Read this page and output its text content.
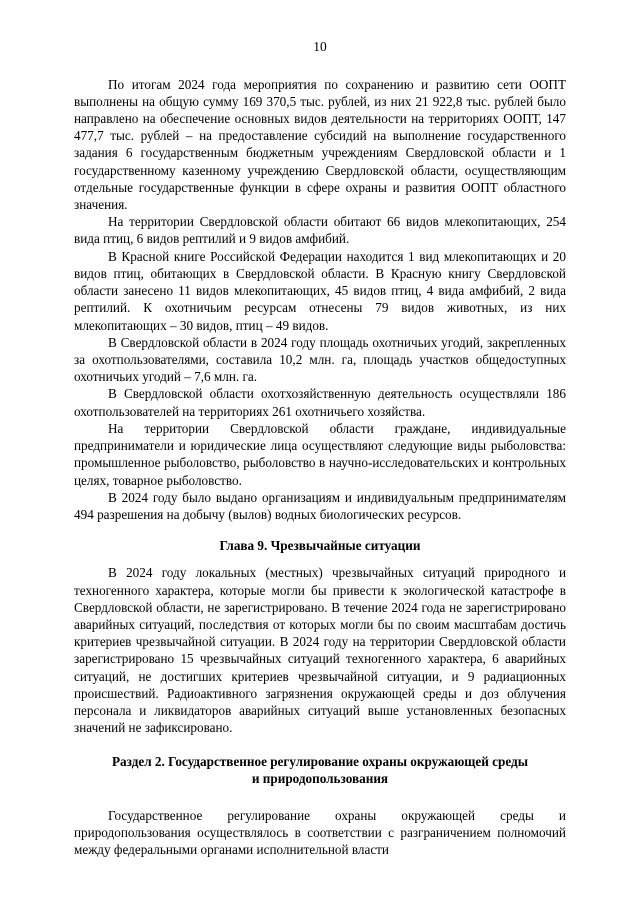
10

По итогам 2024 года мероприятия по сохранению и развитию сети ООПТ выполнены на общую сумму 169 370,5 тыс. рублей, из них 21 922,8 тыс. рублей было направлено на обеспечение основных видов деятельности на территориях ООПТ, 147 477,7 тыс. рублей – на предоставление субсидий на выполнение государственного задания 6 государственным бюджетным учреждениям Свердловской области и 1 государственному казенному учреждению Свердловской области, осуществляющим отдельные государственные функции в сфере охраны и развития ООПТ областного значения.

На территории Свердловской области обитают 66 видов млекопитающих, 254 вида птиц, 6 видов рептилий и 9 видов амфибий.

В Красной книге Российской Федерации находится 1 вид млекопитающих и 20 видов птиц, обитающих в Свердловской области. В Красную книгу Свердловской области занесено 11 видов млекопитающих, 45 видов птиц, 4 вида амфибий, 2 вида рептилий. К охотничьим ресурсам отнесены 79 видов животных, из них млекопитающих – 30 видов, птиц – 49 видов.

В Свердловской области в 2024 году площадь охотничьих угодий, закрепленных за охотпользователями, составила 10,2 млн. га, площадь участков общедоступных охотничьих угодий – 7,6 млн. га.

В Свердловской области охотхозяйственную деятельность осуществляли 186 охотпользователей на территориях 261 охотничьего хозяйства.

На территории Свердловской области граждане, индивидуальные предприниматели и юридические лица осуществляют следующие виды рыболовства: промышленное рыболовство, рыболовство в научно-исследовательских и контрольных целях, товарное рыболовство.

В 2024 году было выдано организациям и индивидуальным предпринимателям 494 разрешения на добычу (вылов) водных биологических ресурсов.

Глава 9. Чрезвычайные ситуации

В 2024 году локальных (местных) чрезвычайных ситуаций природного и техногенного характера, которые могли бы привести к экологической катастрофе в Свердловской области, не зарегистрировано. В течение 2024 года не зарегистрировано аварийных ситуаций, последствия от которых могли бы по своим масштабам достичь критериев чрезвычайной ситуации. В 2024 году на территории Свердловской области зарегистрировано 15 чрезвычайных ситуаций техногенного характера, 6 аварийных ситуаций, не достигших критериев чрезвычайной ситуации, и 9 радиационных происшествий. Радиоактивного загрязнения окружающей среды и доз облучения персонала и ликвидаторов аварийных ситуаций выше установленных безопасных значений не зафиксировано.

Раздел 2. Государственное регулирование охраны окружающей среды
и природопользования

Государственное регулирование охраны окружающей среды и природопользования осуществлялось в соответствии с разграничением полномочий между федеральными органами исполнительной власти
